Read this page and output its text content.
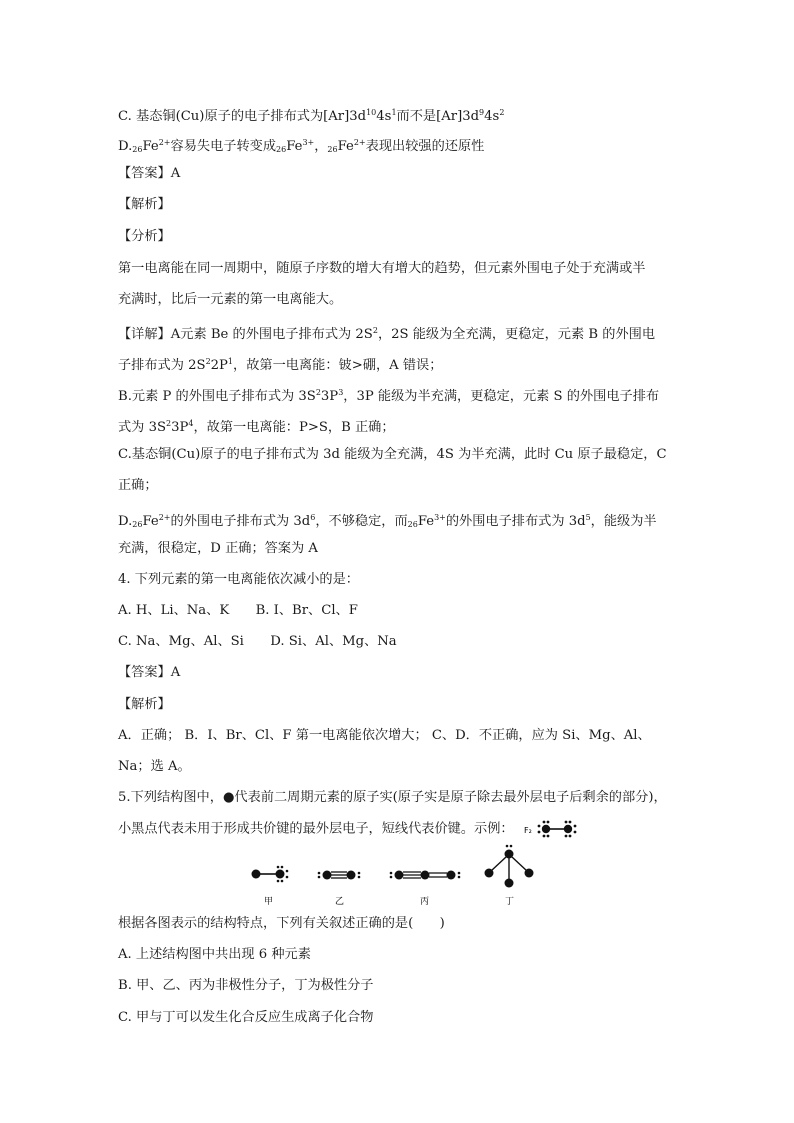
C. 基态铜(Cu)原子的电子排布式为$[Ar]3d^{10}4s^1$而不是$[Ar]3d^94s^2$
$D._{26}Fe^{2+}$容易失电子转变成$_{26}Fe^{3+}$，$_{26}Fe^{2+}$表现出较强的还原性
【答案】A
【解析】
【分析】
第一电离能在同一周期中，随原子序数的增大有增大的趋势，但元素外围电子处于充满或半
充满时，比后一元素的第一电离能大。
【详解】A元素 Be 的外围电子排布式为 $2S^2$，2S 能级为全充满，更稳定，元素 B 的外围电
子排布式为 $2S^22P^1$，故第一电离能：铍>硼，A 错误；
B.元素 P 的外围电子排布式为 $3S^23P^3$，3P 能级为半充满，更稳定，元素 S 的外围电子排布
式为 $3S^23P^4$，故第一电离能：P>S，B 正确；
C.基态铜(Cu)原子的电子排布式为 3d 能级为全充满，4S 为半充满，此时 Cu 原子最稳定，C
正确；
$D._{26}Fe^{2+}$的外围电子排布式为 $3d^6$，不够稳定，而$_{26}Fe^{3+}$的外围电子排布式为 $3d^5$，能级为半
充满，很稳定，D 正确；答案为 A
4. 下列元素的第一电离能依次减小的是：
A. H、Li、Na、K　　B. I、Br、Cl、F
C. Na、Mg、Al、Si　　D. Si、Al、Mg、Na
【答案】A
【解析】
A．正确； B．I、Br、Cl、F 第一电离能依次增大； C、D．不正确，应为 Si、Mg、Al、
Na；选 A。
5.下列结构图中，●代表前二周期元素的原子实(原子实是原子除去最外层电子后剩余的部分)，
小黑点代表未用于形成共价键的最外层电子，短线代表价键。示例： F₂
甲	乙	丙	丁
根据各图表示的结构特点，下列有关叙述正确的是(　　)
A. 上述结构图中共出现 6 种元素
B. 甲、乙、丙为非极性分子，丁为极性分子
C. 甲与丁可以发生化合反应生成离子化合物
